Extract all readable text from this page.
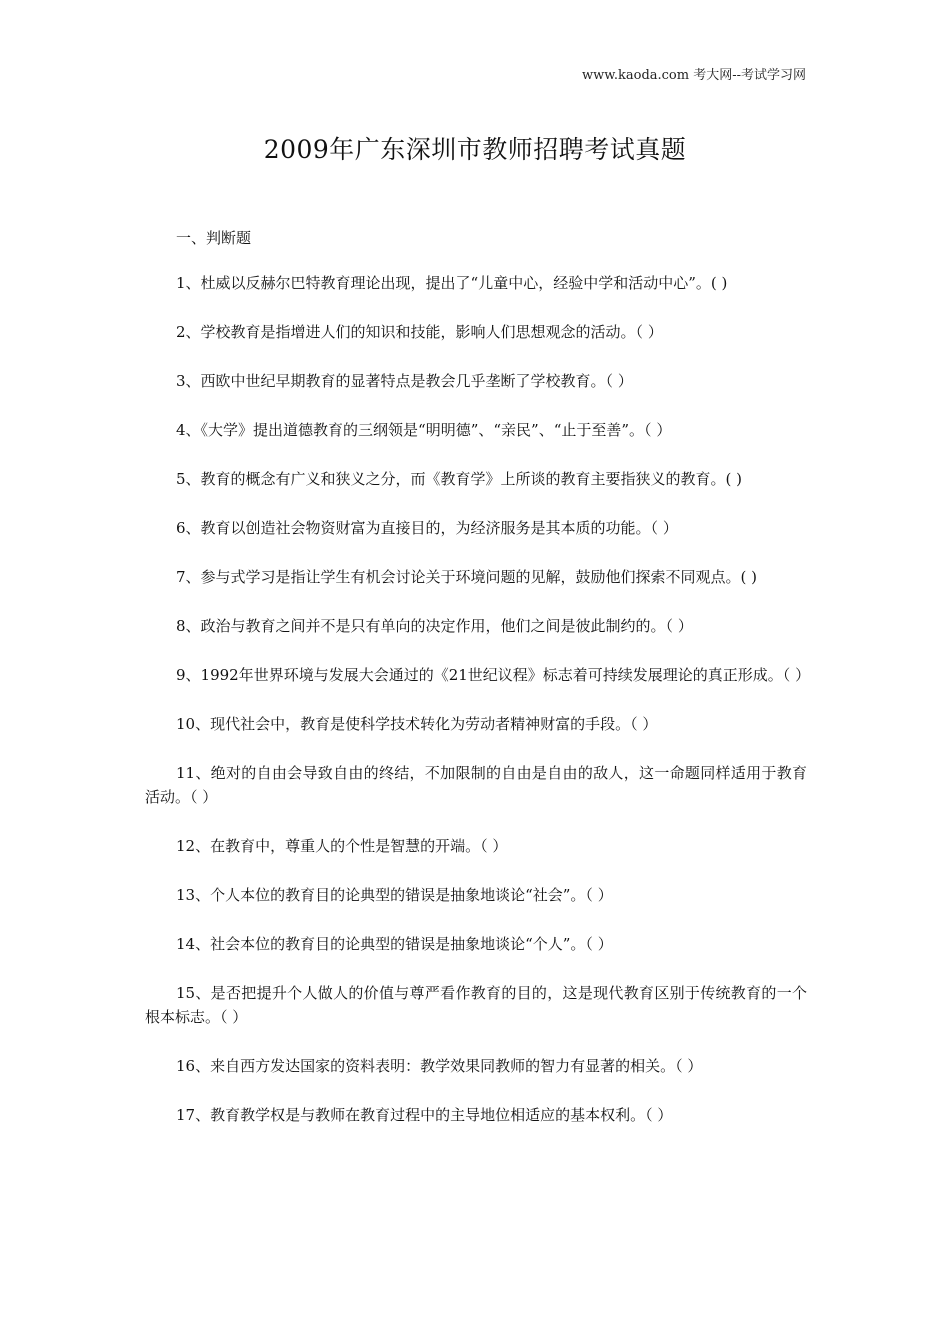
www.kaoda.com 考大网--考试学习网
2009年广东深圳市教师招聘考试真题

一、判断题

1、杜威以反赫尔巴特教育理论出现，提出了“儿童中心，经验中学和活动中心”。( )

2、学校教育是指增进人们的知识和技能，影响人们思想观念的活动。（ ）

3、西欧中世纪早期教育的显著特点是教会几乎垄断了学校教育。（ ）

4、《大学》提出道德教育的三纲领是“明明德”、“亲民”、“止于至善”。（ ）

5、教育的概念有广义和狭义之分，而《教育学》上所谈的教育主要指狭义的教育。( )

6、教育以创造社会物资财富为直接目的，为经济服务是其本质的功能。（ ）

7、参与式学习是指让学生有机会讨论关于环境问题的见解，鼓励他们探索不同观点。( )

8、政治与教育之间并不是只有单向的决定作用，他们之间是彼此制约的。（ ）

9、1992年世界环境与发展大会通过的《21世纪议程》标志着可持续发展理论的真正形成。（ ）

10、现代社会中，教育是使科学技术转化为劳动者精神财富的手段。（ ）

11、绝对的自由会导致自由的终结，不加限制的自由是自由的敌人，这一命题同样适用于教育活动。（ ）

12、在教育中，尊重人的个性是智慧的开端。（ ）

13、个人本位的教育目的论典型的错误是抽象地谈论“社会”。（ ）

14、社会本位的教育目的论典型的错误是抽象地谈论“个人”。（ ）

15、是否把提升个人做人的价值与尊严看作教育的目的，这是现代教育区别于传统教育的一个根本标志。（ ）

16、来自西方发达国家的资料表明：教学效果同教师的智力有显著的相关。（ ）

17、教育教学权是与教师在教育过程中的主导地位相适应的基本权利。（ ）
